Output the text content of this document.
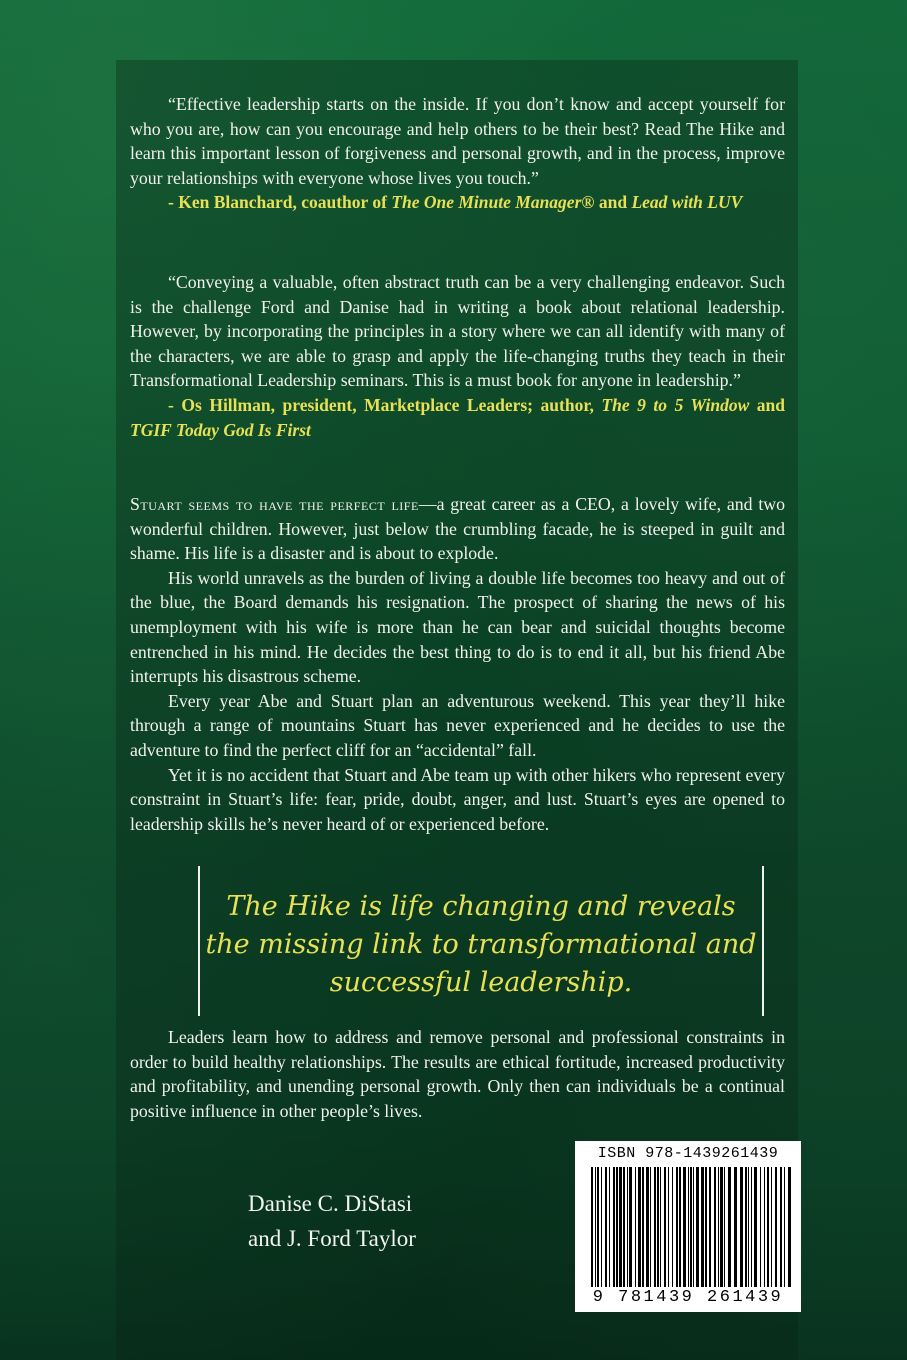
“Effective leadership starts on the inside. If you don’t know and accept yourself for who you are, how can you encourage and help others to be their best? Read The Hike and learn this important lesson of forgiveness and personal growth, and in the process, improve your relationships with everyone whose lives you touch.”

- Ken Blanchard, coauthor of The One Minute Manager® and Lead with LUV

“Conveying a valuable, often abstract truth can be a very challenging endeavor. Such is the challenge Ford and Danise had in writing a book about relational leadership. However, by incorporating the principles in a story where we can all identify with many of the characters, we are able to grasp and apply the life-changing truths they teach in their Transformational Leadership seminars. This is a must book for anyone in leadership.”

- Os Hillman, president, Marketplace Leaders; author, The 9 to 5 Window and TGIF Today God Is First

Stuart seems to have the perfect life—a great career as a CEO, a lovely wife, and two wonderful children. However, just below the crumbling facade, he is steeped in guilt and shame. His life is a disaster and is about to explode.

His world unravels as the burden of living a double life becomes too heavy and out of the blue, the Board demands his resignation. The prospect of sharing the news of his unemployment with his wife is more than he can bear and suicidal thoughts become entrenched in his mind. He decides the best thing to do is to end it all, but his friend Abe interrupts his disastrous scheme.

Every year Abe and Stuart plan an adventurous weekend. This year they’ll hike through a range of mountains Stuart has never experienced and he decides to use the adventure to find the perfect cliff for an “accidental” fall.

Yet it is no accident that Stuart and Abe team up with other hikers who represent every constraint in Stuart’s life: fear, pride, doubt, anger, and lust. Stuart’s eyes are opened to leadership skills he’s never heard of or experienced before.

The Hike is life changing and reveals
the missing link to transformational and
successful leadership.

Leaders learn how to address and remove personal and professional constraints in order to build healthy relationships. The results are ethical fortitude, increased productivity and profitability, and unending personal growth. Only then can individuals be a continual positive influence in other people’s lives.

Danise C. DiStasi
and J. Ford Taylor
ISBN 978-1439261439
9 781439 261439
